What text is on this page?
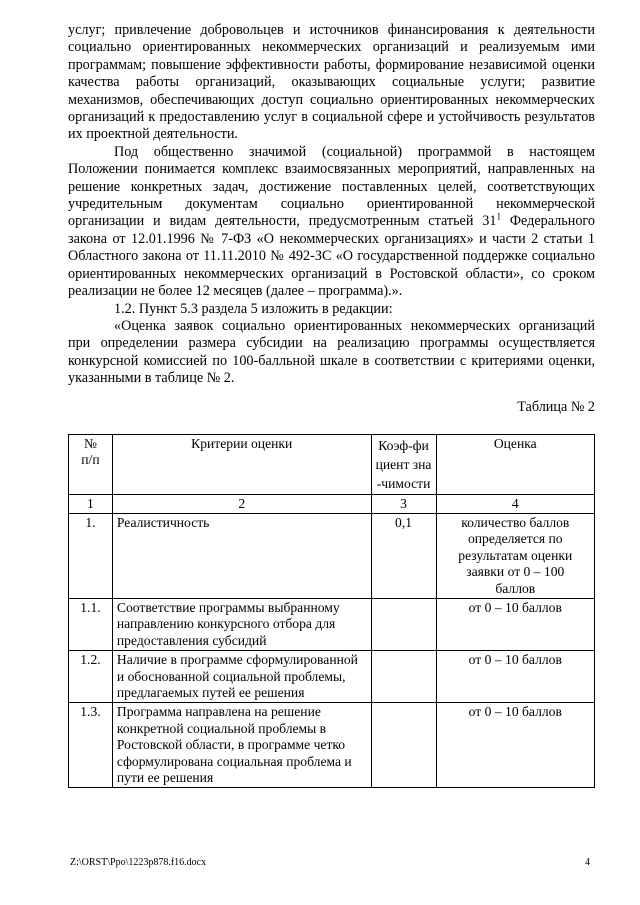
услуг; привлечение добровольцев и источников финансирования к деятельности социально ориентированных некоммерческих организаций и реализуемым ими программам; повышение эффективности работы, формирование независимой оценки качества работы организаций, оказывающих социальные услуги; развитие механизмов, обеспечивающих доступ социально ориентированных некоммерческих организаций к предоставлению услуг в социальной сфере и устойчивость результатов их проектной деятельности.

Под общественно значимой (социальной) программой в настоящем Положении понимается комплекс взаимосвязанных мероприятий, направленных на решение конкретных задач, достижение поставленных целей, соответствующих учредительным документам социально ориентированной некоммерческой организации и видам деятельности, предусмотренным статьей $31^1$ Федерального закона от 12.01.1996 № 7-ФЗ «О некоммерческих организациях» и части 2 статьи 1 Областного закона от 11.11.2010 № 492-ЗС «О государственной поддержке социально ориентированных некоммерческих организаций в Ростовской области», со сроком реализации не более 12 месяцев (далее – программа).».

1.2. Пункт 5.3 раздела 5 изложить в редакции:

«Оценка заявок социально ориентированных некоммерческих организаций при определении размера субсидии на реализацию программы осуществляется конкурсной комиссией по 100-балльной шкале в соответствии с критериями оценки, указанными в таблице № 2.

Таблица № 2
№ п/п	Критерии оценки	Коэф-фициент зна-чимости	Оценка
1	2	3	4
1.	Реалистичность	0,1	количество баллов определяется по результатам оценки заявки от 0 – 100 баллов

1.1.	Соответствие программы выбранному направлению конкурсного отбора для предоставления субсидий		от 0 – 10 баллов
1.2.	Наличие в программе сформулированной и обоснованной социальной проблемы, предлагаемых путей ее решения		от 0 – 10 баллов
1.3.	Программа направлена на решение конкретной социальной проблемы в Ростовской области, в программе четко сформулирована социальная проблема и пути ее решения		от 0 – 10 баллов
Z:\ORST\Ppo\1223p878.f16.docx	4
